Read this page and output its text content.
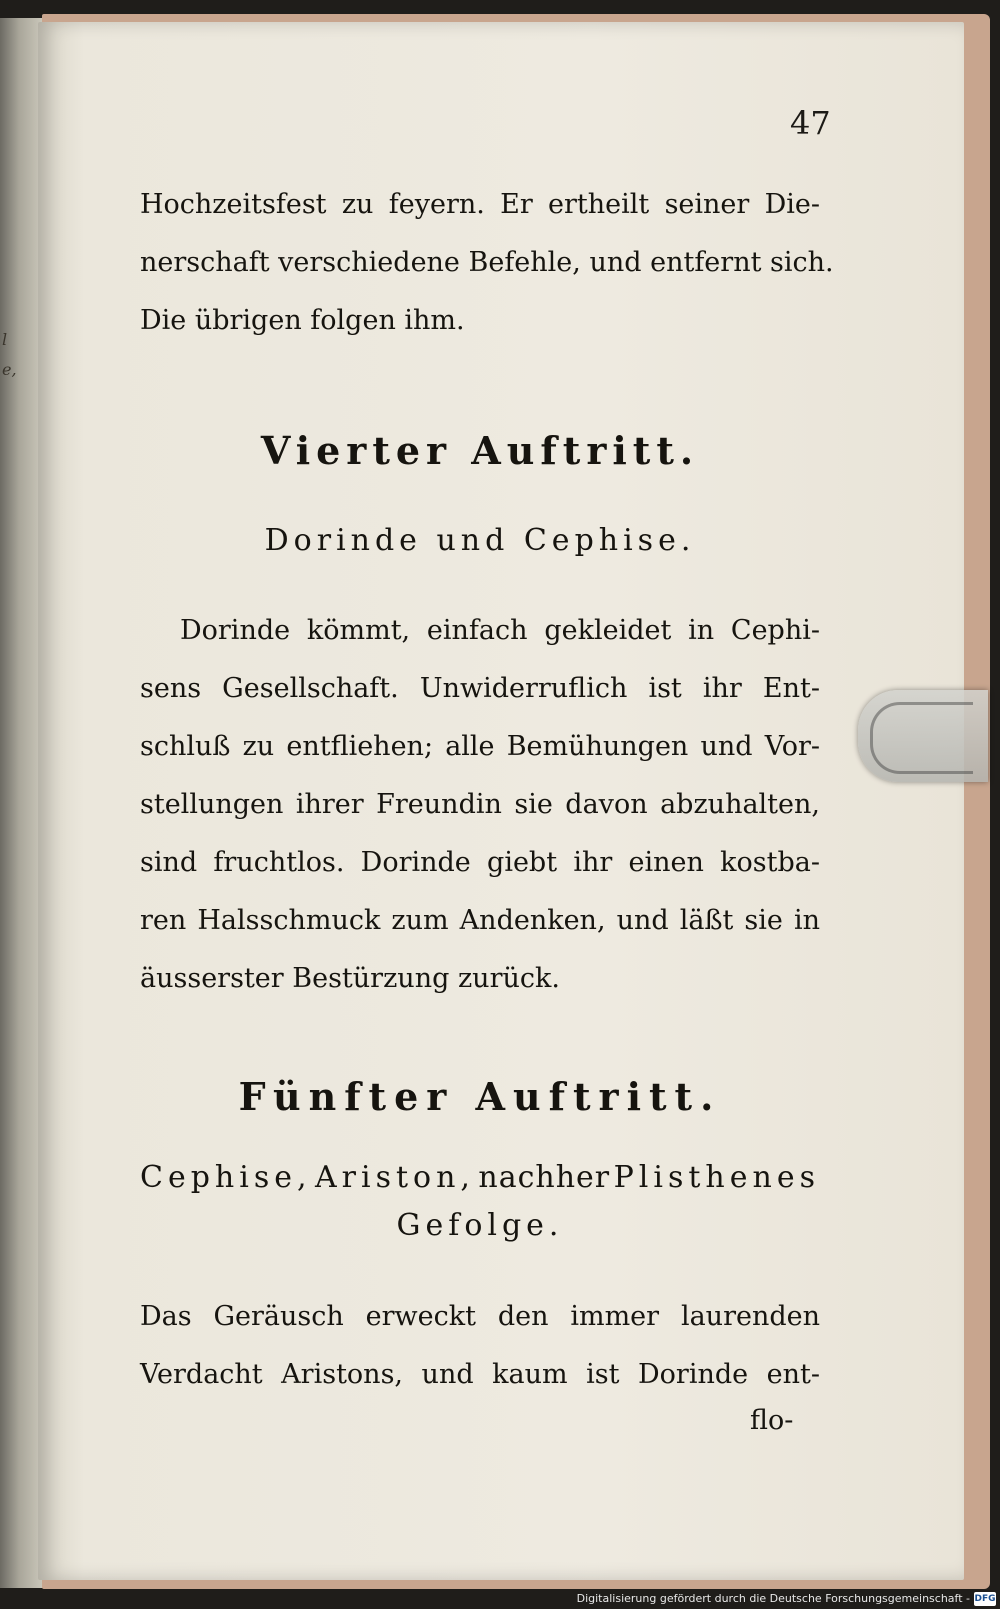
l
e,

47

Hochzeitsfest zu feyern. Er ertheilt seiner Die-
nerschaft verschiedene Befehle, und entfernt sich.
Die übrigen folgen ihm.

Vierter Auftritt.

Dorinde und Cephise.

Dorinde kömmt, einfach gekleidet in Cephi-
sens Gesellschaft. Unwiderruflich ist ihr Ent-
schluß zu entfliehen; alle Bemühungen und Vor-
stellungen ihrer Freundin sie davon abzuhalten,
sind fruchtlos. Dorinde giebt ihr einen kostba-
ren Halsschmuck zum Andenken, und läßt sie in
äusserster Bestürzung zurück.

Fünfter Auftritt.

Cephise, Ariston, nachher Plisthenes

Gefolge.

Das Geräusch erweckt den immer laurenden
Verdacht Aristons, und kaum ist Dorinde ent-

flo-

Digitalisierung gefördert durch die Deutsche Forschungsgemeinschaft - DFG
